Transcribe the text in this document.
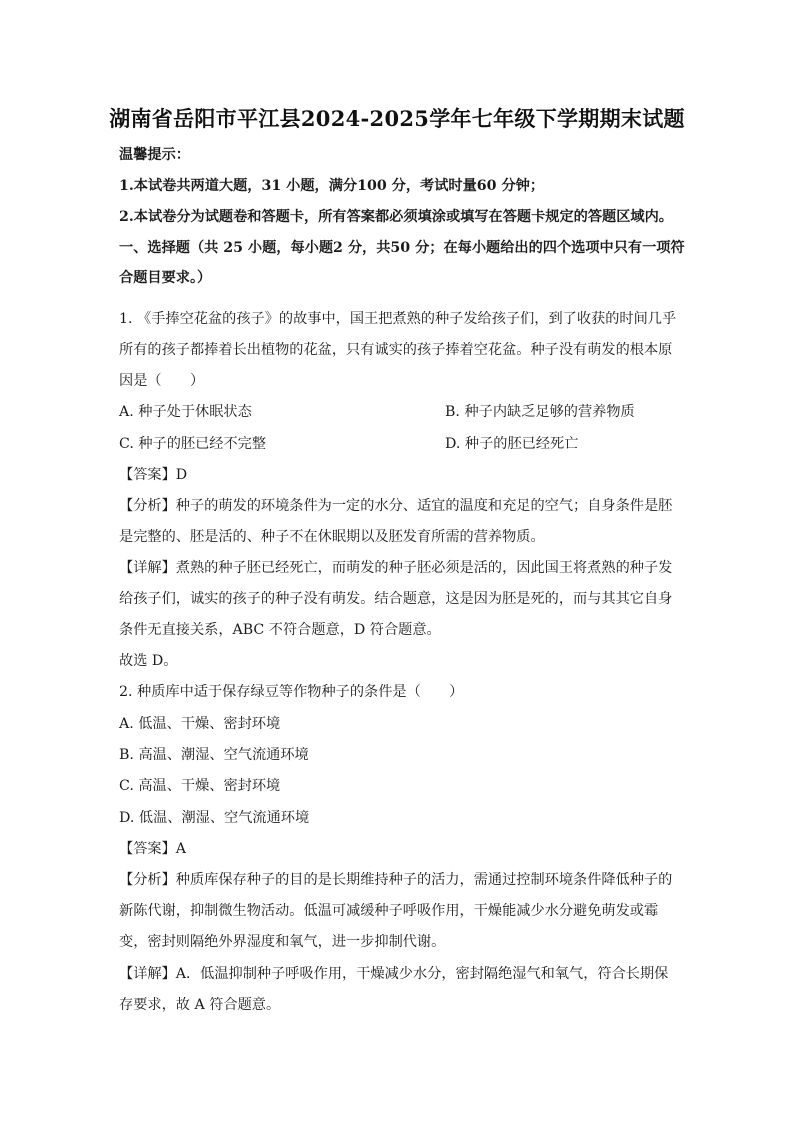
湖南省岳阳市平江县2024-2025学年七年级下学期期末试题
温馨提示：
1.本试卷共两道大题，31 小题，满分100 分，考试时量60 分钟；
2.本试卷分为试题卷和答题卡，所有答案都必须填涂或填写在答题卡规定的答题区域内。
一、选择题（共 25 小题，每小题2 分，共50 分；在每小题给出的四个选项中只有一项符
合题目要求。）
1. 《手捧空花盆的孩子》的故事中，国王把煮熟的种子发给孩子们，到了收获的时间几乎
所有的孩子都捧着长出植物的花盆，只有诚实的孩子捧着空花盆。种子没有萌发的根本原
因是（　　）
A. 种子处于休眠状态	B. 种子内缺乏足够的营养物质
C. 种子的胚已经不完整	D. 种子的胚已经死亡
【答案】D
【分析】种子的萌发的环境条件为一定的水分、适宜的温度和充足的空气；自身条件是胚
是完整的、胚是活的、种子不在休眠期以及胚发育所需的营养物质。
【详解】煮熟的种子胚已经死亡，而萌发的种子胚必须是活的，因此国王将煮熟的种子发
给孩子们，诚实的孩子的种子没有萌发。结合题意，这是因为胚是死的，而与其其它自身
条件无直接关系，ABC 不符合题意，D 符合题意。
故选 D。
2. 种质库中适于保存绿豆等作物种子的条件是（　　）
A. 低温、干燥、密封环境
B. 高温、潮湿、空气流通环境
C. 高温、干燥、密封环境
D. 低温、潮湿、空气流通环境
【答案】A
【分析】种质库保存种子的目的是长期维持种子的活力，需通过控制环境条件降低种子的
新陈代谢，抑制微生物活动。低温可减缓种子呼吸作用，干燥能减少水分避免萌发或霉
变，密封则隔绝外界湿度和氧气，进一步抑制代谢。
【详解】A．低温抑制种子呼吸作用，干燥减少水分，密封隔绝湿气和氧气，符合长期保
存要求，故 A 符合题意。
